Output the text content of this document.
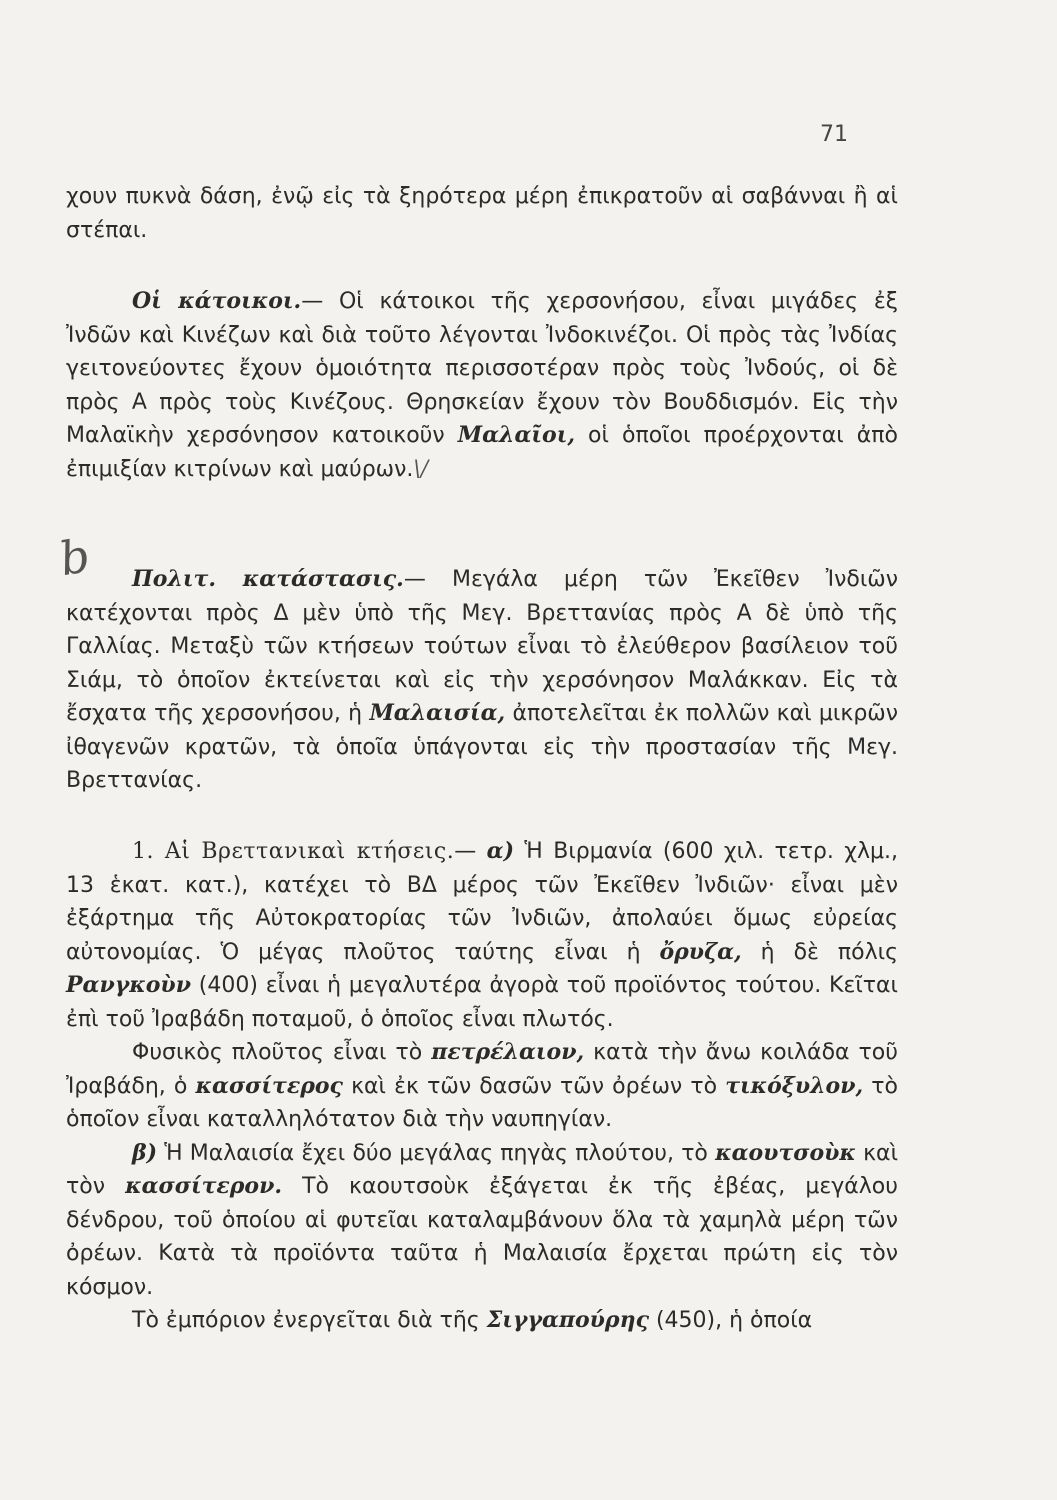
71

χουν πυκνὰ δάση, ἐνῷ εἰς τὰ ξηρότερα μέρη ἐπικρατοῦν αἱ σαβάνναι ἢ αἱ στέπαι.

Οἱ κάτοικοι.— Οἱ κάτοικοι τῆς χερσονήσου, εἶναι μιγάδες ἐξ Ἰνδῶν καὶ Κινέζων καὶ διὰ τοῦτο λέγονται Ἰνδοκινέζοι. Οἱ πρὸς τὰς Ἰνδίας γειτονεύοντες ἔχουν ὁμοιότητα περισσοτέραν πρὸς τοὺς Ἰνδούς, οἱ δὲ πρὸς Α πρὸς τοὺς Κινέζους. Θρησκείαν ἔχουν τὸν Βουδδισμόν. Εἰς τὴν Μαλαϊκὴν χερσόνησον κατοικοῦν Μαλαῖοι, οἱ ὁποῖοι προέρχονται ἀπὸ ἐπιμιξίαν κιτρίνων καὶ μαύρων.\/

b	Πολιτ. κατάστασις.— Μεγάλα μέρη τῶν Ἐκεῖθεν Ἰνδιῶν κατέχονται πρὸς Δ μὲν ὑπὸ τῆς Μεγ. Βρεττανίας πρὸς Α δὲ ὑπὸ τῆς Γαλλίας. Μεταξὺ τῶν κτήσεων τούτων εἶναι τὸ ἐλεύθερον βασίλειον τοῦ Σιάμ, τὸ ὁποῖον ἐκτείνεται καὶ εἰς τὴν χερσόνησον Μαλάκκαν. Εἰς τὰ ἔσχατα τῆς χερσονήσου, ἡ Μαλαισία, ἀποτελεῖται ἐκ πολλῶν καὶ μικρῶν ἰθαγενῶν κρατῶν, τὰ ὁποῖα ὑπάγονται εἰς τὴν προστασίαν τῆς Μεγ. Βρεττανίας.

1. Αἱ Βρεττανικαὶ κτήσεις.— α) Ἡ Βιρμανία (600 χιλ. τετρ. χλμ., 13 ἑκατ. κατ.), κατέχει τὸ ΒΔ μέρος τῶν Ἐκεῖθεν Ἰνδιῶν· εἶναι μὲν ἐξάρτημα τῆς Αὐτοκρατορίας τῶν Ἰνδιῶν, ἀπολαύει ὅμως εὐρείας αὐτονομίας. Ὁ μέγας πλοῦτος ταύτης εἶναι ἡ ὄρυζα, ἡ δὲ πόλις Ρανγκοὺν (400) εἶναι ἡ μεγαλυτέρα ἀγορὰ τοῦ προϊόντος τούτου. Κεῖται ἐπὶ τοῦ Ἰραβάδη ποταμοῦ, ὁ ὁποῖος εἶναι πλωτός.

Φυσικὸς πλοῦτος εἶναι τὸ πετρέλαιον, κατὰ τὴν ἄνω κοιλάδα τοῦ Ἰραβάδη, ὁ κασσίτερος καὶ ἐκ τῶν δασῶν τῶν ὀρέων τὸ τικόξυλον, τὸ ὁποῖον εἶναι καταλληλότατον διὰ τὴν ναυπηγίαν.

β) Ἡ Μαλαισία ἔχει δύο μεγάλας πηγὰς πλούτου, τὸ καουτσοὺκ καὶ τὸν κασσίτερον. Τὸ καουτσοὺκ ἐξάγεται ἐκ τῆς ἐβέας, μεγάλου δένδρου, τοῦ ὁποίου αἱ φυτεῖαι καταλαμβάνουν ὅλα τὰ χαμηλὰ μέρη τῶν ὀρέων. Κατὰ τὰ προϊόντα ταῦτα ἡ Μαλαισία ἔρχεται πρώτη εἰς τὸν κόσμον.

Τὸ ἐμπόριον ἐνεργεῖται διὰ τῆς Σιγγαπούρης (450), ἡ ὁποία
